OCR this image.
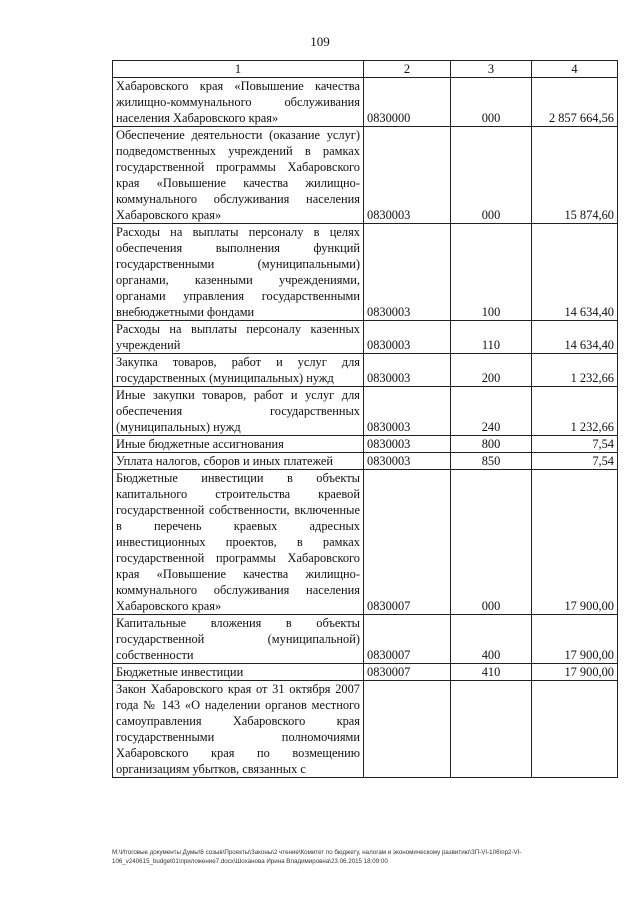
109
1	2	3	4
Хабаровского края «Повышение качества жилищно-коммунального обслуживания населения Хабаровского края»	0830000	000	2 857 664,56
Обеспечение деятельности (оказание услуг) подведомственных учреждений в рамках государственной программы Хабаровского края «Повышение качества жилищно-коммунального обслуживания населения Хабаровского края»	0830003	000	15 874,60
Расходы на выплаты персоналу в целях обеспечения выполнения функций государственными (муниципальными) органами, казенными учреждениями, органами управления государственными внебюджетными фондами	0830003	100	14 634,40
Расходы на выплаты персоналу казенных учреждений	0830003	110	14 634,40
Закупка товаров, работ и услуг для государственных (муниципальных) нужд	0830003	200	1 232,66
Иные закупки товаров, работ и услуг для обеспечения государственных (муниципальных) нужд	0830003	240	1 232,66
Иные бюджетные ассигнования	0830003	800	7,54
Уплата налогов, сборов и иных платежей	0830003	850	7,54
Бюджетные инвестиции в объекты капитального строительства краевой государственной собственности, включенные в перечень краевых адресных инвестиционных проектов, в рамках государственной программы Хабаровского края «Повышение качества жилищно-коммунального обслуживания населения Хабаровского края»	0830007	000	17 900,00
Капитальные вложения в объекты государственной (муниципальной) собственности	0830007	400	17 900,00
Бюджетные инвестиции	0830007	410	17 900,00
Закон Хабаровского края от 31 октября 2007 года № 143 «О наделении органов местного самоуправления Хабаровского края государственными полномочиями Хабаровского края по возмещению организациям убытков, связанных с			
М:\Итоговые документы Думы\6 созыв\Проекты\Законы\2 чтение\Комитет по бюджету, налогам и экономическому развитию\ЗП-VI-106\пр2-VI-
106_v240615_budget01\приложение7.docx\Шоханова Ирина Владимировна\23.06.2015 18:09:00
